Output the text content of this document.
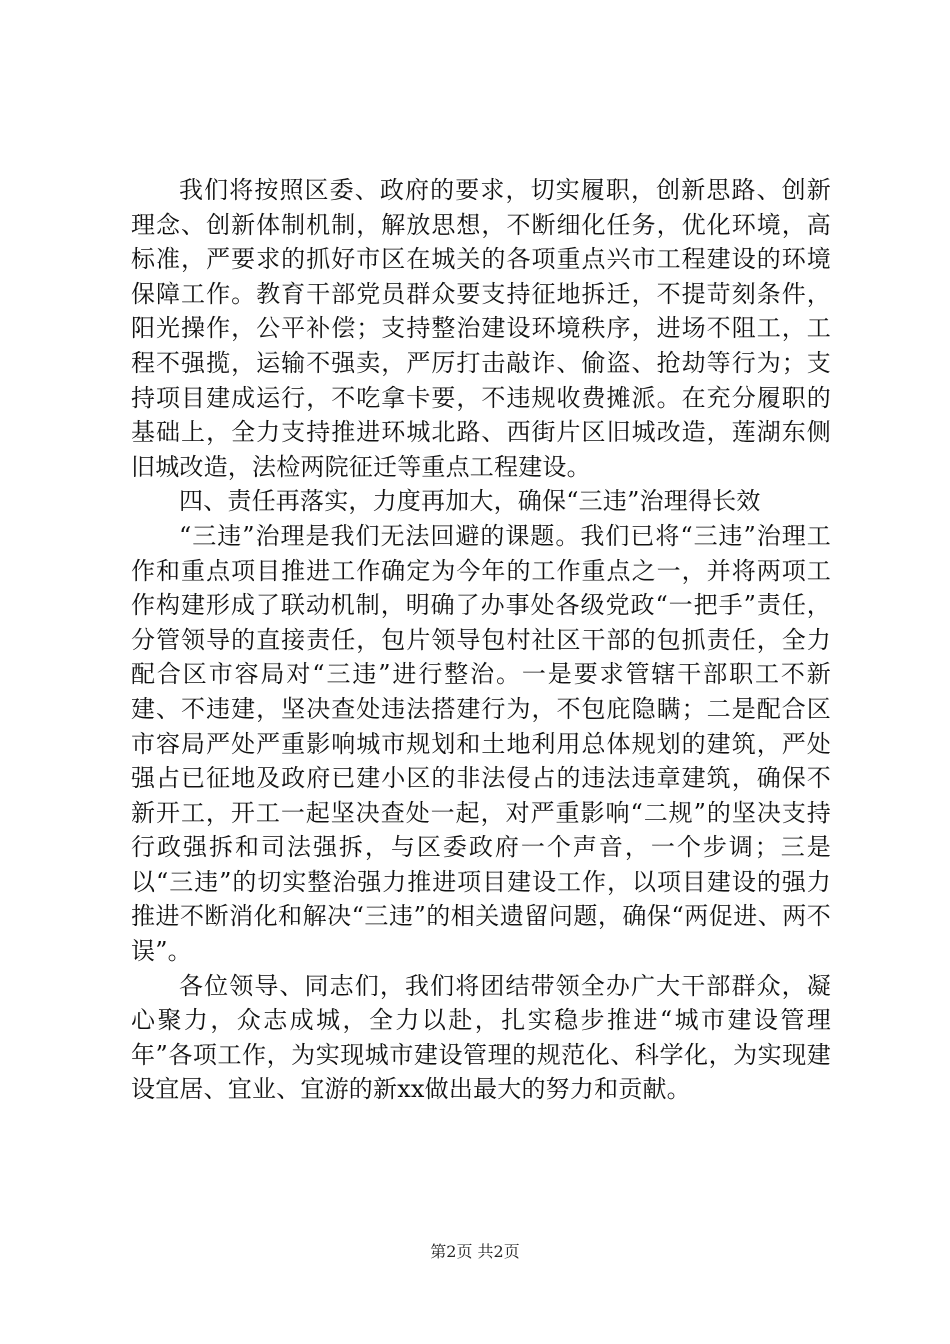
我们将按照区委、政府的要求，切实履职，创新思路、创新理念、创新体制机制，解放思想，不断细化任务，优化环境，高标准，严要求的抓好市区在城关的各项重点兴市工程建设的环境保障工作。教育干部党员群众要支持征地拆迁，不提苛刻条件，阳光操作，公平补偿；支持整治建设环境秩序，进场不阻工，工程不强揽，运输不强卖，严厉打击敲诈、偷盗、抢劫等行为；支持项目建成运行，不吃拿卡要，不违规收费摊派。在充分履职的基础上，全力支持推进环城北路、西街片区旧城改造，莲湖东侧旧城改造，法检两院征迁等重点工程建设。

四、责任再落实，力度再加大，确保“三违”治理得长效

“三违”治理是我们无法回避的课题。我们已将“三违”治理工作和重点项目推进工作确定为今年的工作重点之一，并将两项工作构建形成了联动机制，明确了办事处各级党政“一把手”责任，分管领导的直接责任，包片领导包村社区干部的包抓责任，全力配合区市容局对“三违”进行整治。一是要求管辖干部职工不新建、不违建，坚决查处违法搭建行为，不包庇隐瞒；二是配合区市容局严处严重影响城市规划和土地利用总体规划的建筑，严处强占已征地及政府已建小区的非法侵占的违法违章建筑，确保不新开工，开工一起坚决查处一起，对严重影响“二规”的坚决支持行政强拆和司法强拆，与区委政府一个声音，一个步调；三是以“三违”的切实整治强力推进项目建设工作，以项目建设的强力推进不断消化和解决“三违”的相关遗留问题，确保“两促进、两不误”。

各位领导、同志们，我们将团结带领全办广大干部群众，凝心聚力，众志成城，全力以赴，扎实稳步推进“城市建设管理年”各项工作，为实现城市建设管理的规范化、科学化，为实现建设宜居、宜业、宜游的新xx做出最大的努力和贡献。

第2页 共2页
